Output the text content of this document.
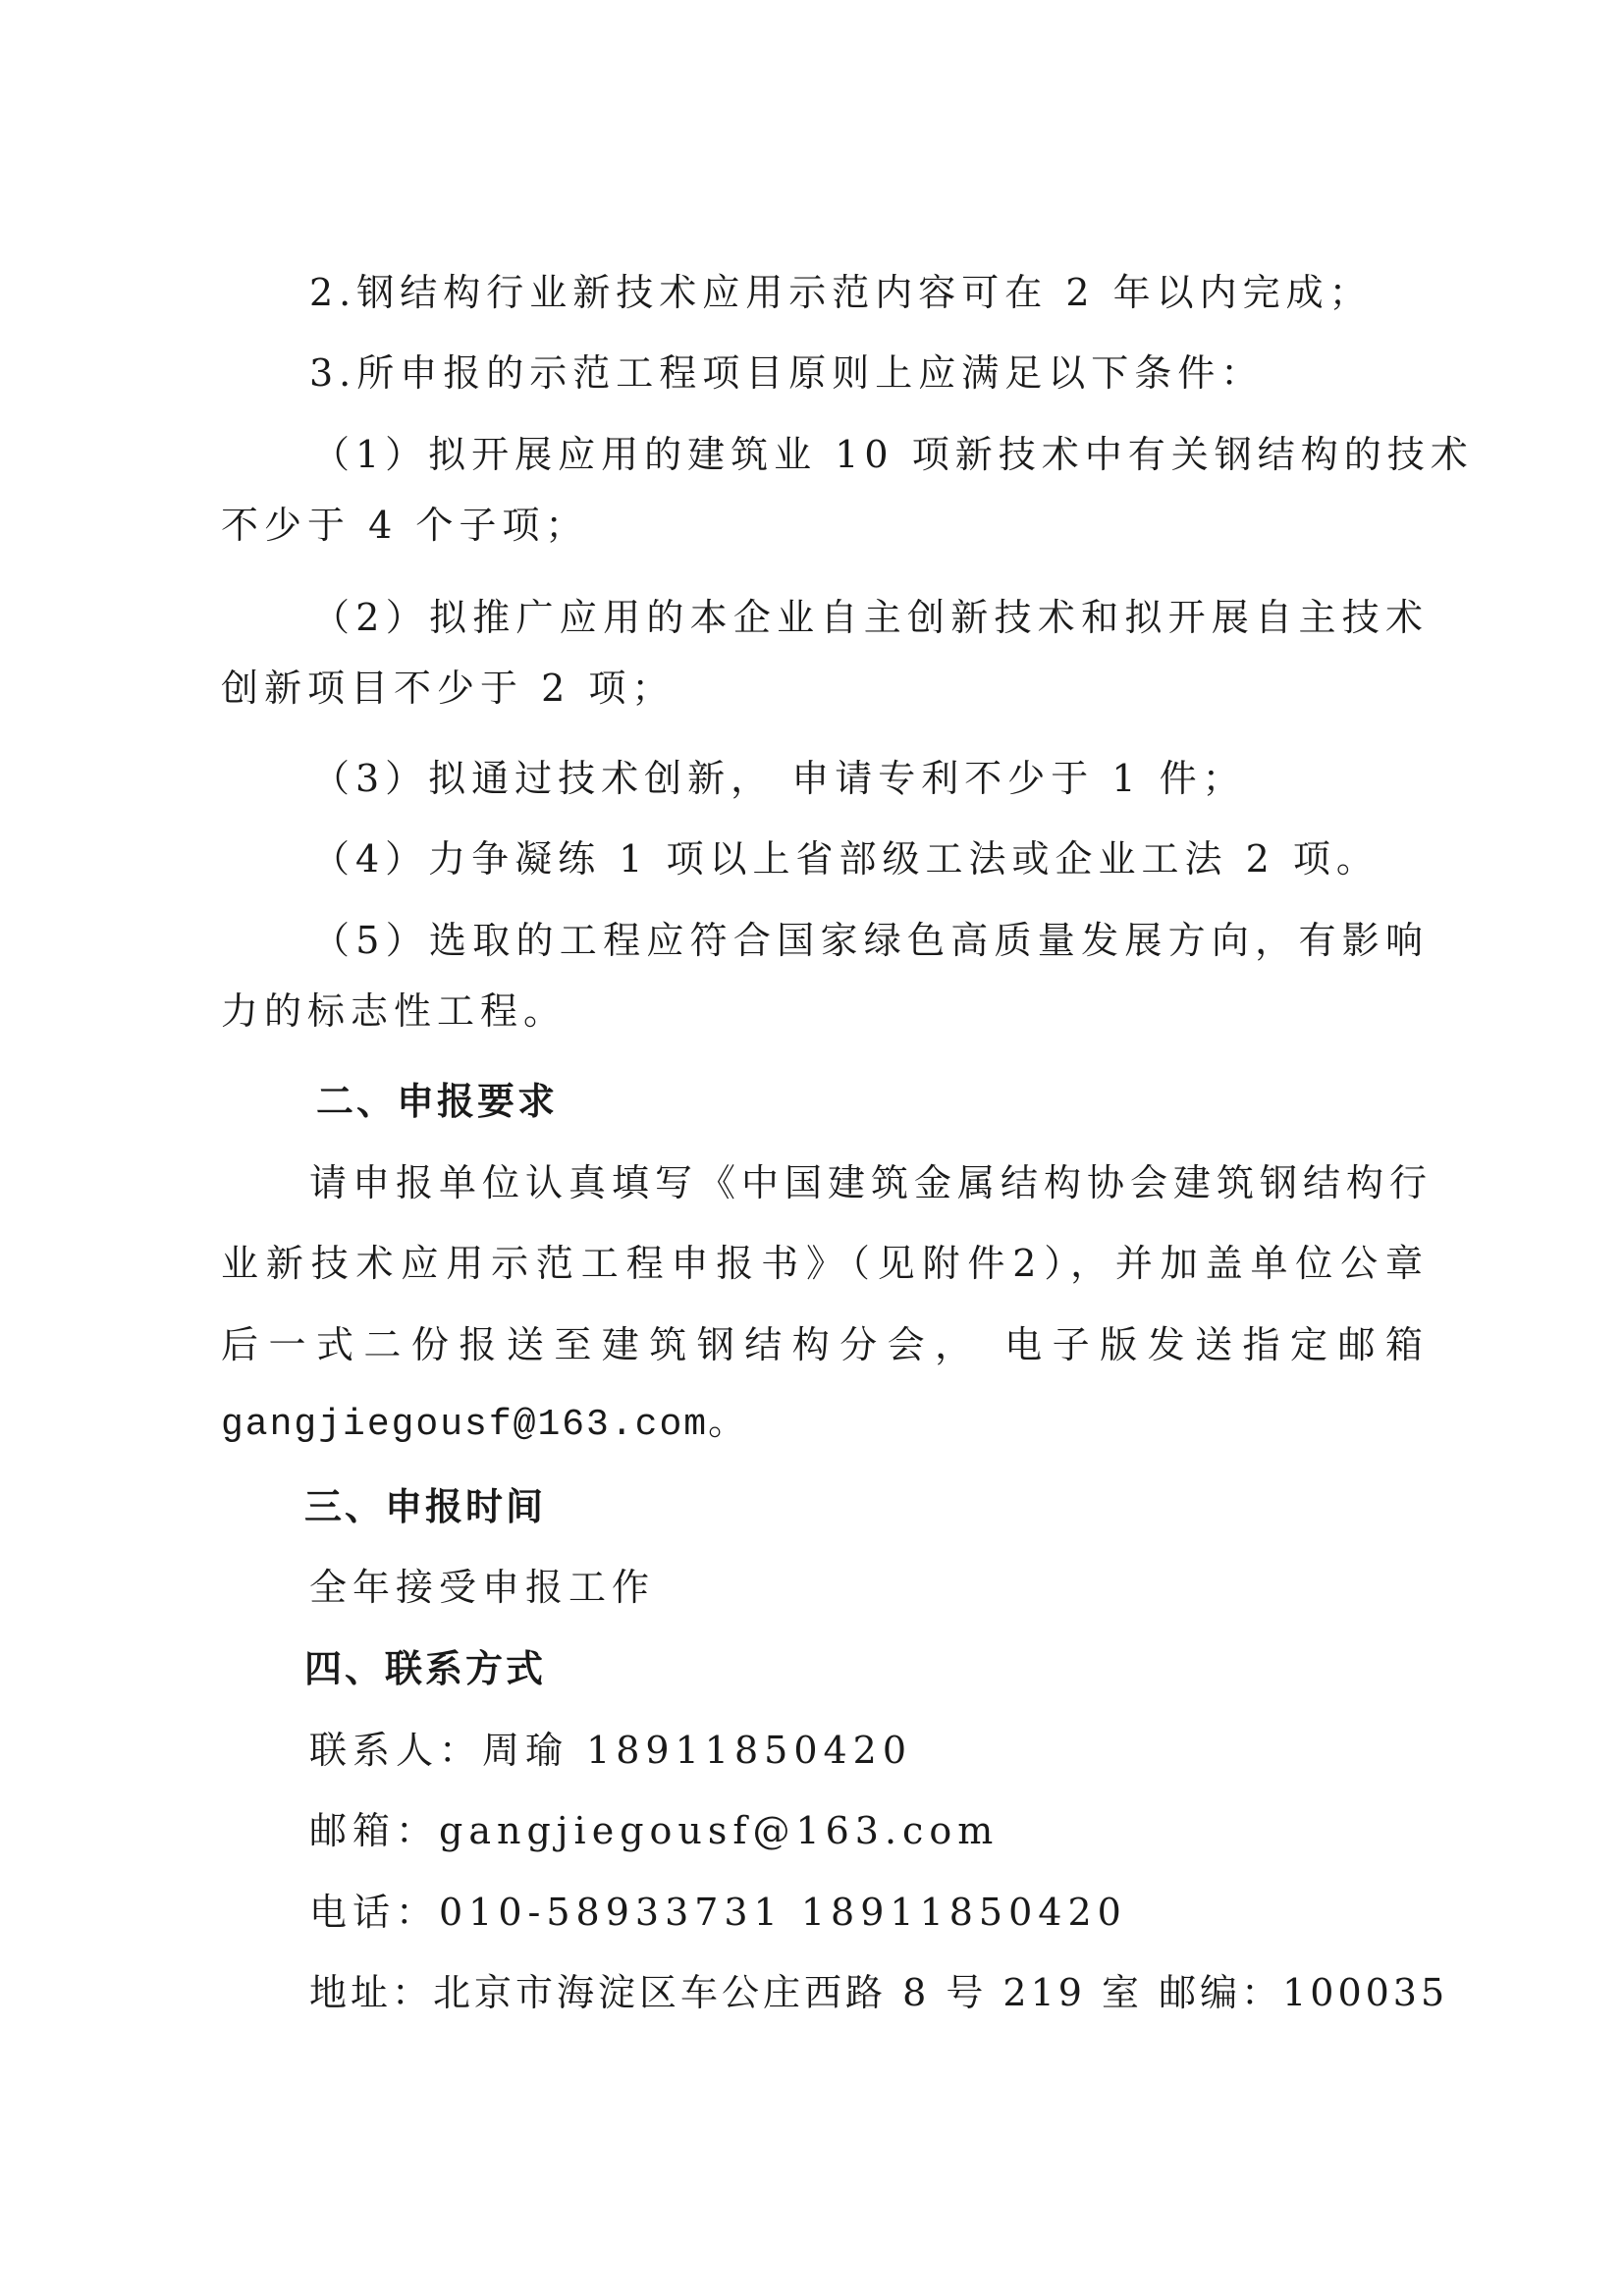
2.钢结构行业新技术应用示范内容可在 2 年以内完成；

3.所申报的示范工程项目原则上应满足以下条件：

（1）拟开展应用的建筑业 10 项新技术中有关钢结构的技术

不少于 4 个子项；

（2）拟推广应用的本企业自主创新技术和拟开展自主技术

创新项目不少于 2 项；

（3）拟通过技术创新， 申请专利不少于 1 件；

（4）力争凝练 1 项以上省部级工法或企业工法 2 项。

（5）选取的工程应符合国家绿色高质量发展方向，有影响

力的标志性工程。

二、申报要求

请申报单位认真填写《中国建筑金属结构协会建筑钢结构行

业新技术应用示范工程申报书》（见附件2），并加盖单位公章

后一式二份报送至建筑钢结构分会， 电子版发送指定邮箱

gangjiegousf@163.com。

三、申报时间

全年接受申报工作

四、联系方式

联系人：周瑜 18911850420

邮箱：gangjiegousf@163.com

电话：010-58933731 18911850420

地址：北京市海淀区车公庄西路 8 号 219 室 邮编：100035
